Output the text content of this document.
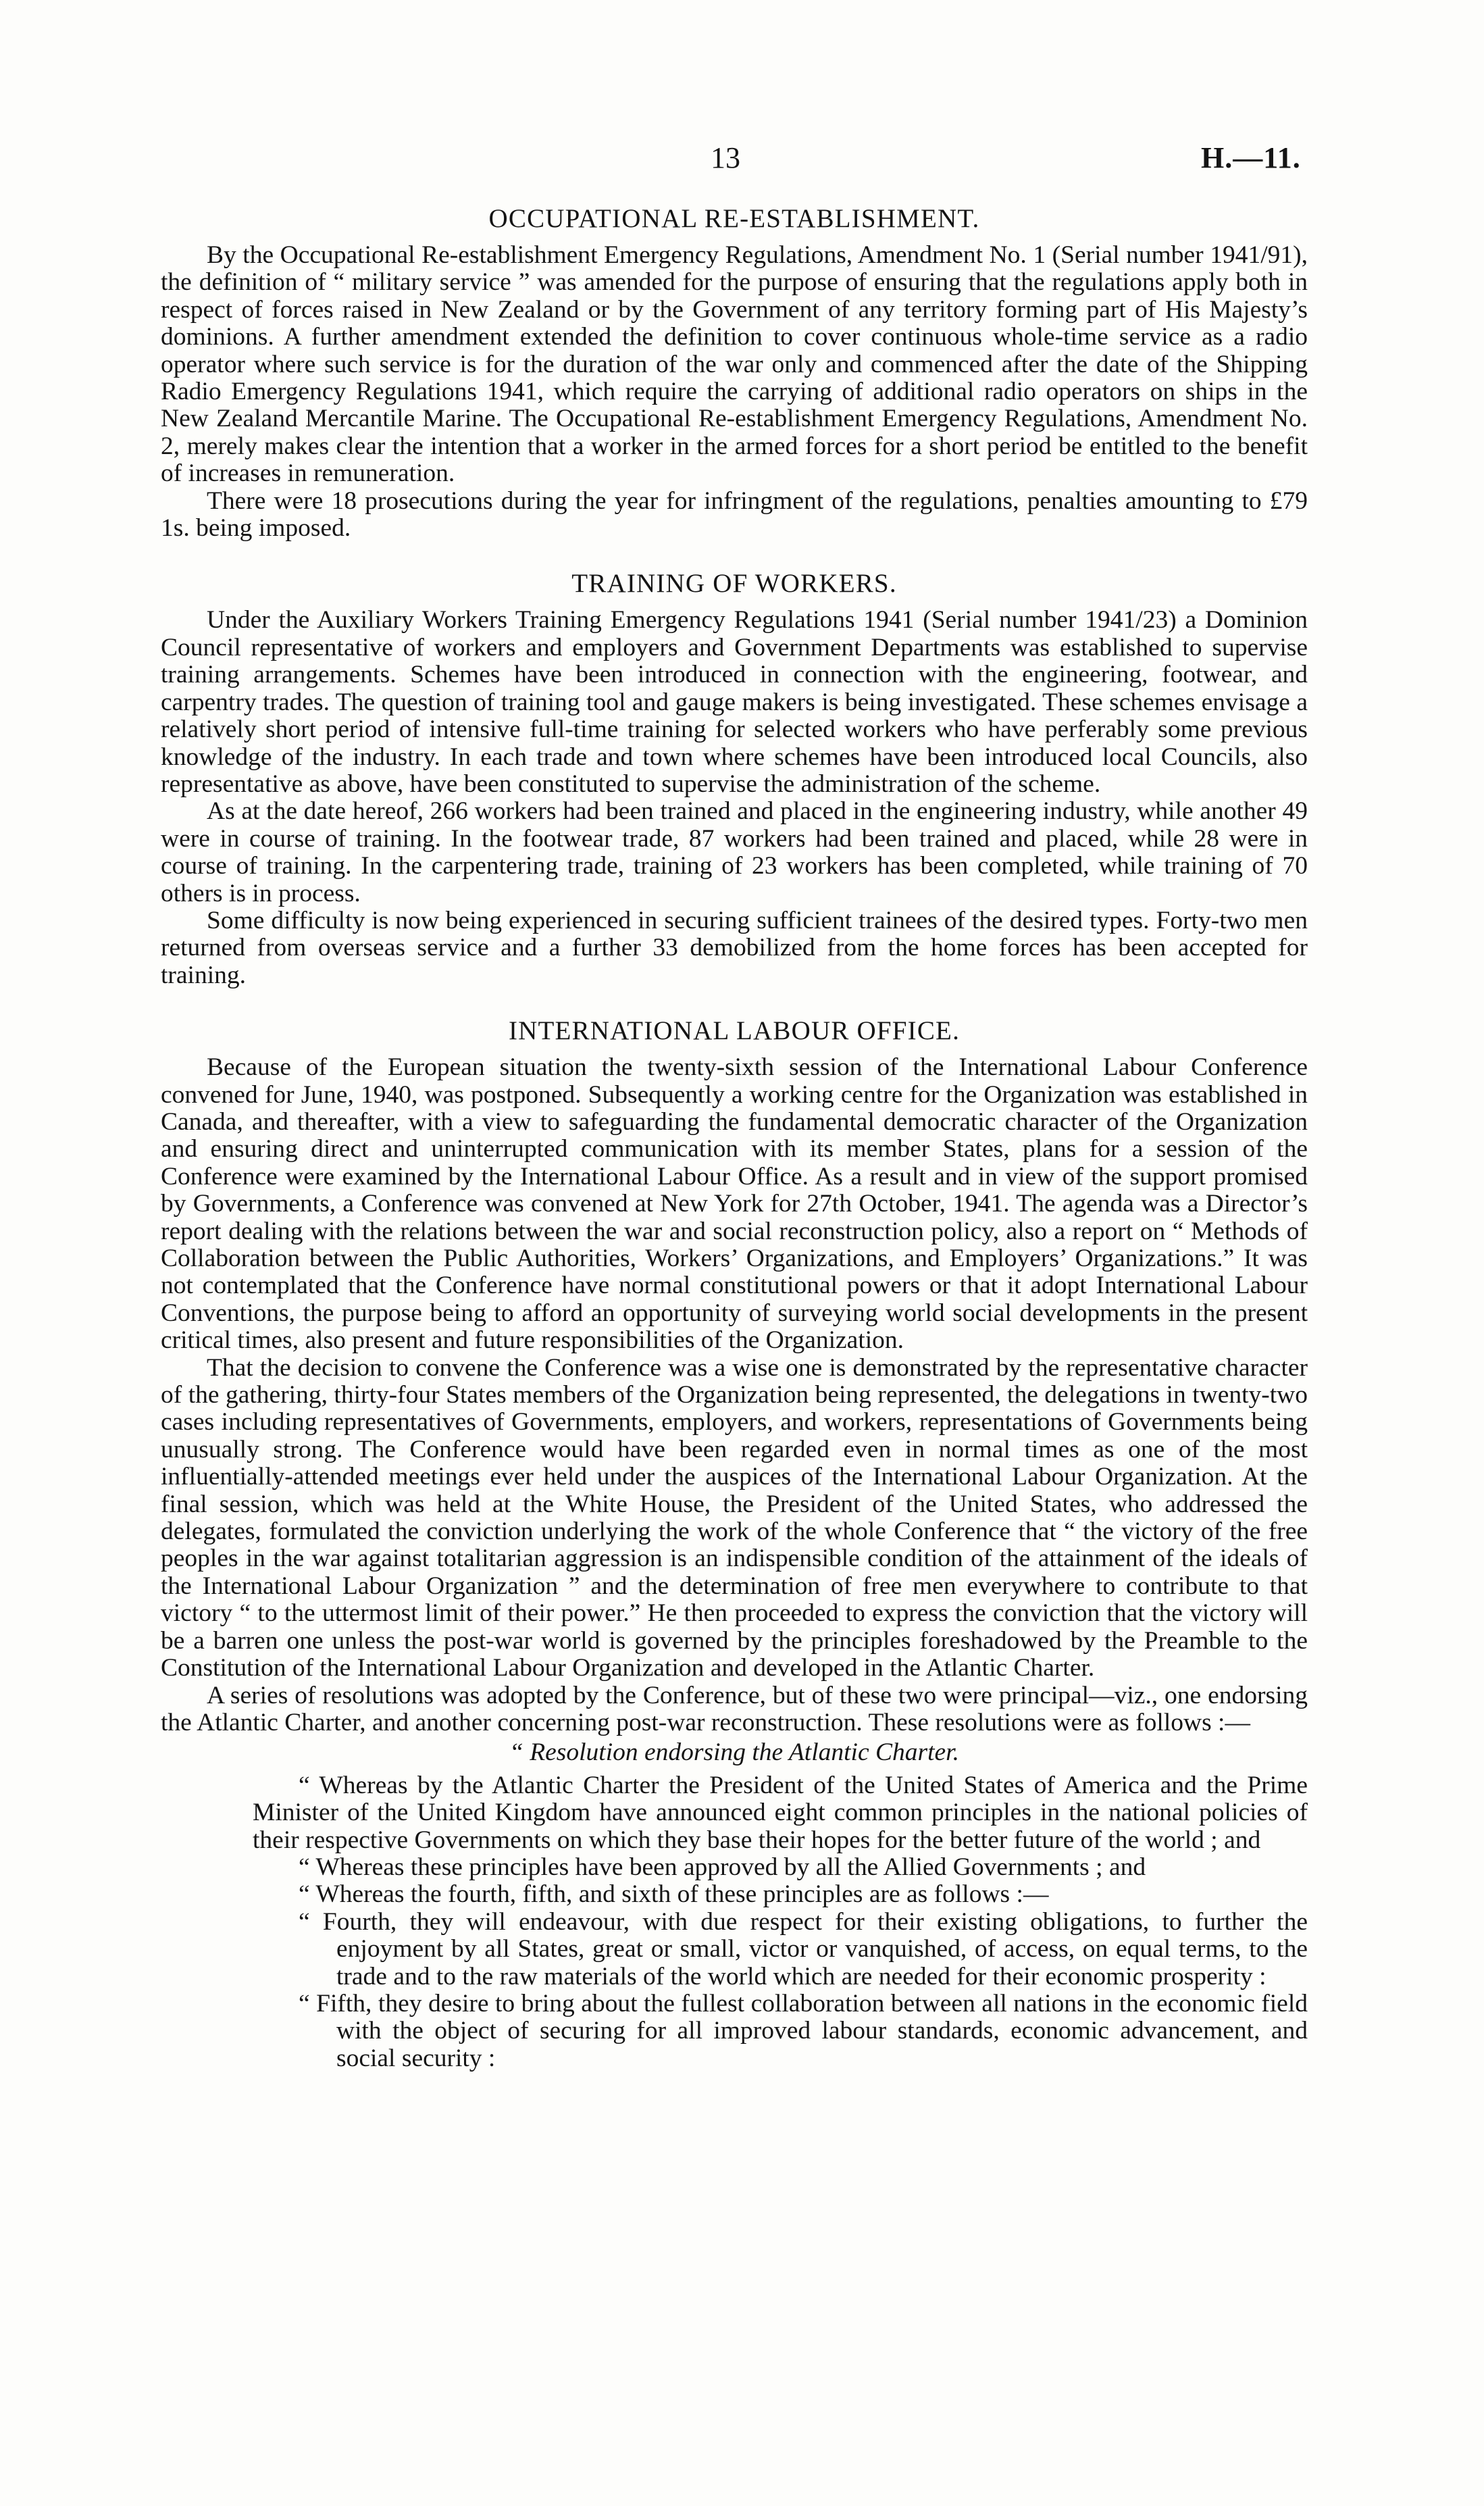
13	H.—11.
OCCUPATIONAL RE-ESTABLISHMENT.

By the Occupational Re-establishment Emergency Regulations, Amendment No. 1 (Serial number 1941/91), the definition of “ military service ” was amended for the purpose of ensuring that the regulations apply both in respect of forces raised in New Zealand or by the Government of any territory forming part of His Majesty’s dominions. A further amendment extended the definition to cover continuous whole-time service as a radio operator where such service is for the duration of the war only and commenced after the date of the Shipping Radio Emergency Regulations 1941, which require the carrying of additional radio operators on ships in the New Zealand Mercantile Marine. The Occupational Re-establishment Emergency Regulations, Amendment No. 2, merely makes clear the intention that a worker in the armed forces for a short period be entitled to the benefit of increases in remuneration.

There were 18 prosecutions during the year for infringment of the regulations, penalties amounting to £79 1s. being imposed.

TRAINING OF WORKERS.

Under the Auxiliary Workers Training Emergency Regulations 1941 (Serial number 1941/23) a Dominion Council representative of workers and employers and Government Departments was established to supervise training arrangements. Schemes have been introduced in connection with the engineering, footwear, and carpentry trades. The question of training tool and gauge makers is being investigated. These schemes envisage a relatively short period of intensive full-time training for selected workers who have perferably some previous knowledge of the industry. In each trade and town where schemes have been introduced local Councils, also representative as above, have been constituted to supervise the administration of the scheme.

As at the date hereof, 266 workers had been trained and placed in the engineering industry, while another 49 were in course of training. In the footwear trade, 87 workers had been trained and placed, while 28 were in course of training. In the carpentering trade, training of 23 workers has been completed, while training of 70 others is in process.

Some difficulty is now being experienced in securing sufficient trainees of the desired types. Forty-two men returned from overseas service and a further 33 demobilized from the home forces has been accepted for training.

INTERNATIONAL LABOUR OFFICE.

Because of the European situation the twenty-sixth session of the International Labour Conference convened for June, 1940, was postponed. Subsequently a working centre for the Organization was established in Canada, and thereafter, with a view to safeguarding the fundamental democratic character of the Organization and ensuring direct and uninterrupted communication with its member States, plans for a session of the Conference were examined by the International Labour Office. As a result and in view of the support promised by Governments, a Conference was convened at New York for 27th October, 1941. The agenda was a Director’s report dealing with the relations between the war and social reconstruction policy, also a report on “ Methods of Collaboration between the Public Authorities, Workers’ Organizations, and Employers’ Organizations.” It was not contemplated that the Conference have normal constitutional powers or that it adopt International Labour Conventions, the purpose being to afford an opportunity of surveying world social developments in the present critical times, also present and future responsibilities of the Organization.

That the decision to convene the Conference was a wise one is demonstrated by the representative character of the gathering, thirty-four States members of the Organization being represented, the delegations in twenty-two cases including representatives of Governments, employers, and workers, representations of Governments being unusually strong. The Conference would have been regarded even in normal times as one of the most influentially-attended meetings ever held under the auspices of the International Labour Organization. At the final session, which was held at the White House, the President of the United States, who addressed the delegates, formulated the conviction underlying the work of the whole Conference that “ the victory of the free peoples in the war against totalitarian aggression is an indispensible condition of the attainment of the ideals of the International Labour Organization ” and the determination of free men everywhere to contribute to that victory “ to the uttermost limit of their power.” He then proceeded to express the conviction that the victory will be a barren one unless the post-war world is governed by the principles foreshadowed by the Preamble to the Constitution of the International Labour Organization and developed in the Atlantic Charter.

A series of resolutions was adopted by the Conference, but of these two were principal—viz., one endorsing the Atlantic Charter, and another concerning post-war reconstruction. These resolutions were as follows :—

“ Resolution endorsing the Atlantic Charter.

“ Whereas by the Atlantic Charter the President of the United States of America and the Prime Minister of the United Kingdom have announced eight common principles in the national policies of their respective Governments on which they base their hopes for the better future of the world ; and

“ Whereas these principles have been approved by all the Allied Governments ; and

“ Whereas the fourth, fifth, and sixth of these principles are as follows :—

“ Fourth, they will endeavour, with due respect for their existing obligations, to further the enjoyment by all States, great or small, victor or vanquished, of access, on equal terms, to the trade and to the raw materials of the world which are needed for their economic prosperity :

“ Fifth, they desire to bring about the fullest collaboration between all nations in the economic field with the object of securing for all improved labour standards, economic advancement, and social security :
